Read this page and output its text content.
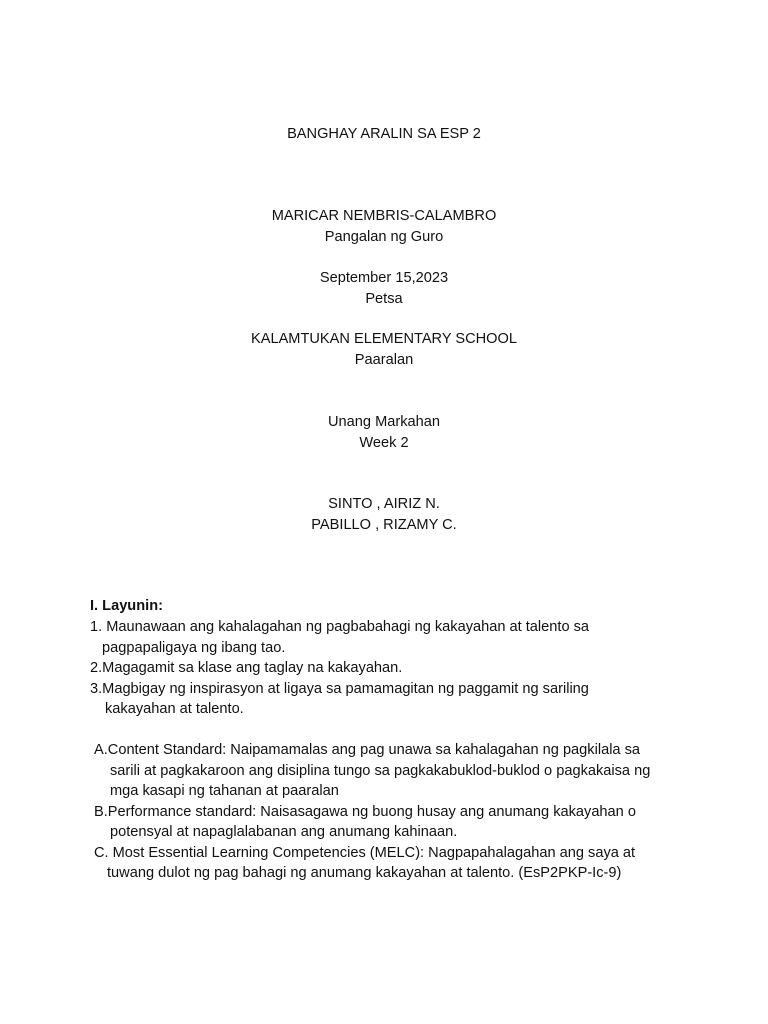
BANGHAY ARALIN SA ESP 2
MARICAR NEMBRIS-CALAMBRO
Pangalan ng Guro
September 15,2023
Petsa
KALAMTUKAN ELEMENTARY SCHOOL
Paaralan
Unang Markahan
Week 2
SINTO , AIRIZ N.
PABILLO , RIZAMY C.
I. Layunin:
1. Maunawaan ang kahalagahan ng pagbabahagi ng kakayahan at talento sa
pagpapaligaya ng ibang tao.
2.Magagamit sa klase ang taglay na kakayahan.
3.Magbigay ng inspirasyon at ligaya sa pamamagitan ng paggamit ng sariling
kakayahan at talento.
A.Content Standard: Naipamamalas ang pag unawa sa kahalagahan ng pagkilala sa
sarili at pagkakaroon ang disiplina tungo sa pagkakabuklod-buklod o pagkakaisa ng
mga kasapi ng tahanan at paaralan
B.Performance standard: Naisasagawa ng buong husay ang anumang kakayahan o
potensyal at napaglalabanan ang anumang kahinaan.
C. Most Essential Learning Competencies (MELC): Nagpapahalagahan ang saya at
tuwang dulot ng pag bahagi ng anumang kakayahan at talento. (EsP2PKP-Ic-9)
